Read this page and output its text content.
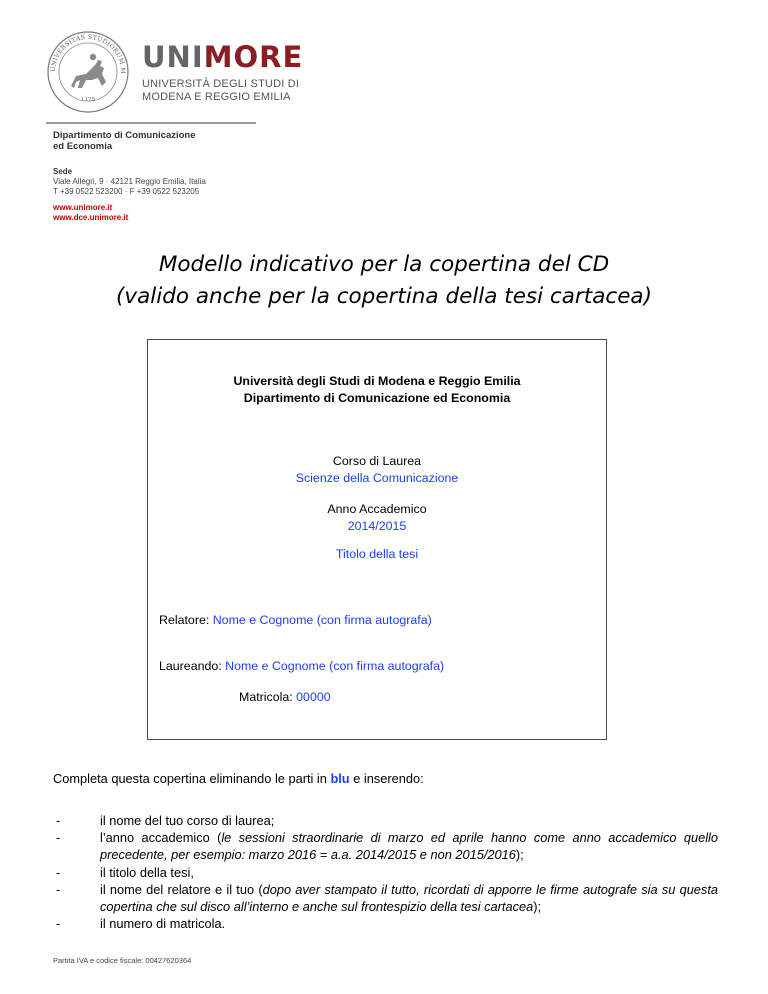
UNIVERSITAS STUDIORUM M
1175
UNIMORE
UNIVERSITÀ DEGLI STUDI DI
MODENA E REGGIO EMILIA
Dipartimento di Comunicazione
ed Economia
Sede
Viale Allegri, 9 · 42121 Reggio Emilia, Italia
T +39 0522 523200 · F +39 0522 523205
www.unimore.it
www.dce.unimore.it
Modello indicativo per la copertina del CD
(valido anche per la copertina della tesi cartacea)
Università degli Studi di Modena e Reggio Emilia
Dipartimento di Comunicazione ed Economia
Corso di Laurea
Scienze della Comunicazione
Anno Accademico
2014/2015
Titolo della tesi
Relatore: Nome e Cognome (con firma autografa)
Laureando: Nome e Cognome (con firma autografa)
Matricola: 00000
Completa questa copertina eliminando le parti in blu e inserendo:
-	il nome del tuo corso di laurea;
-	l’anno accademico (le sessioni straordinarie di marzo ed aprile hanno come anno accademico quello precedente, per esempio: marzo 2016 = a.a. 2014/2015 e non 2015/2016);
-	il titolo della tesi,
-	il nome del relatore e il tuo (dopo aver stampato il tutto, ricordati di apporre le firme autografe sia su questa copertina che sul disco all’interno e anche sul frontespizio della tesi cartacea);
-	il numero di matricola.
Partita IVA e codice fiscale: 00427620364
